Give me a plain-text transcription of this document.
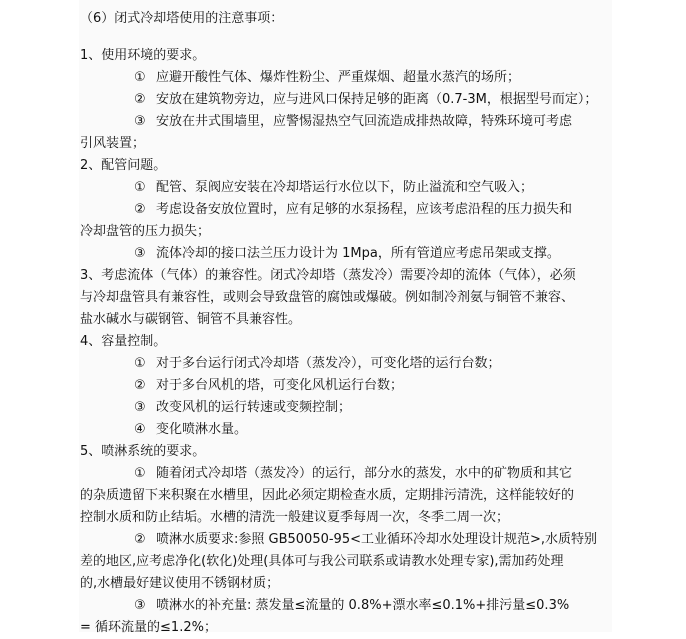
（6）闭式冷却塔使用的注意事项：
1、使用环境的要求。
① 应避开酸性气体、爆炸性粉尘、严重煤烟、超量水蒸汽的场所；
② 安放在建筑物旁边，应与进风口保持足够的距离（0.7-3M，根据型号而定）；
③ 安放在井式围墙里，应警惕湿热空气回流造成排热故障，特殊环境可考虑
引风装置；
2、配管问题。
① 配管、泵阀应安装在冷却塔运行水位以下，防止溢流和空气吸入；
② 考虑设备安放位置时，应有足够的水泵扬程，应该考虑沿程的压力损失和
冷却盘管的压力损失；
③ 流体冷却的接口法兰压力设计为 1Mpa，所有管道应考虑吊架或支撑。
3、考虑流体（气体）的兼容性。闭式冷却塔（蒸发冷）需要冷却的流体（气体），必须
与冷却盘管具有兼容性，或则会导致盘管的腐蚀或爆破。例如制冷剂氨与铜管不兼容、
盐水碱水与碳钢管、铜管不具兼容性。
4、容量控制。
① 对于多台运行闭式冷却塔（蒸发冷），可变化塔的运行台数；
② 对于多台风机的塔，可变化风机运行台数；
③ 改变风机的运行转速或变频控制；
④ 变化喷淋水量。
5、喷淋系统的要求。
① 随着闭式冷却塔（蒸发冷）的运行，部分水的蒸发，水中的矿物质和其它
的杂质遗留下来积聚在水槽里，因此必须定期检查水质，定期排污清洗，这样能较好的
控制水质和防止结垢。水槽的清洗一般建议夏季每周一次，冬季二周一次；
② 喷淋水质要求:参照 GB50050-95<工业循环冷却水处理设计规范>,水质特别
差的地区,应考虑净化(软化)处理(具体可与我公司联系或请教水处理专家),需加药处理
的,水槽最好建议使用不锈钢材质；
③ 喷淋水的补充量: 蒸发量≤流量的 0.8%+漂水率≤0.1%+排污量≤0.3%
= 循环流量的≤1.2%；
